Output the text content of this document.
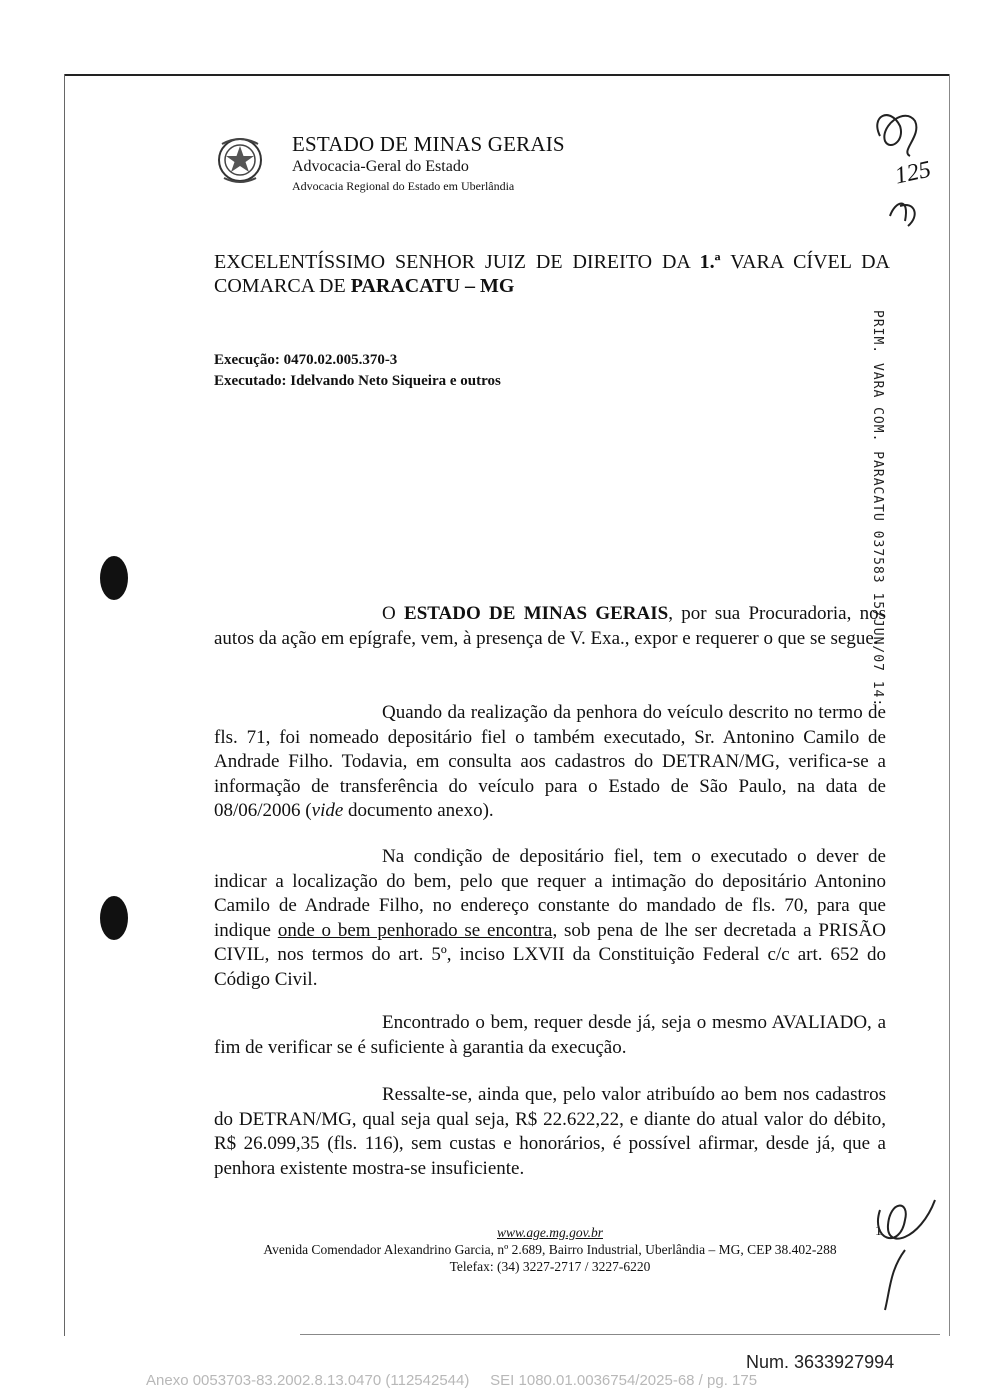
ESTADO DE MINAS GERAIS
Advocacia-Geral do Estado
Advocacia Regional do Estado em Uberlândia	125
EXCELENTÍSSIMO SENHOR JUIZ DE DIREITO DA 1.ª VARA CÍVEL DA COMARCA DE PARACATU – MG
Execução: 0470.02.005.370-3
Executado: Idelvando Neto Siqueira e outros	PRIM. VARA COM. PARACATU 037583 15/JUN/07 14:
O ESTADO DE MINAS GERAIS, por sua Procuradoria, nos autos da ação em epígrafe, vem, à presença de V. Exa., expor e requerer o que se segue.
Quando da realização da penhora do veículo descrito no termo de fls. 71, foi nomeado depositário fiel o também executado, Sr. Antonino Camilo de Andrade Filho. Todavia, em consulta aos cadastros do DETRAN/MG, verifica-se a informação de transferência do veículo para o Estado de São Paulo, na data de 08/06/2006 (vide documento anexo).
Na condição de depositário fiel, tem o executado o dever de indicar a localização do bem, pelo que requer a intimação do depositário Antonino Camilo de Andrade Filho, no endereço constante do mandado de fls. 70, para que indique onde o bem penhorado se encontra, sob pena de lhe ser decretada a PRISÃO CIVIL, nos termos do art. 5º, inciso LXVII da Constituição Federal c/c art. 652 do Código Civil.
Encontrado o bem, requer desde já, seja o mesmo AVALIADO, a fim de verificar se é suficiente à garantia da execução.
Ressalte-se, ainda que, pelo valor atribuído ao bem nos cadastros do DETRAN/MG, qual seja qual seja, R$ 22.622,22, e diante do atual valor do débito, R$ 26.099,35 (fls. 116), sem custas e honorários, é possível afirmar, desde já, que a penhora existente mostra-se insuficiente.
www.age.mg.gov.br
Avenida Comendador Alexandrino Garcia, nº 2.689, Bairro Industrial, Uberlândia – MG, CEP 38.402-288
Telefax: (34) 3227-2717 / 3227-6220
1
Num. 3633927994
Anexo 0053703-83.2002.8.13.0470 (112542544)     SEI 1080.01.0036754/2025-68 / pg. 175
